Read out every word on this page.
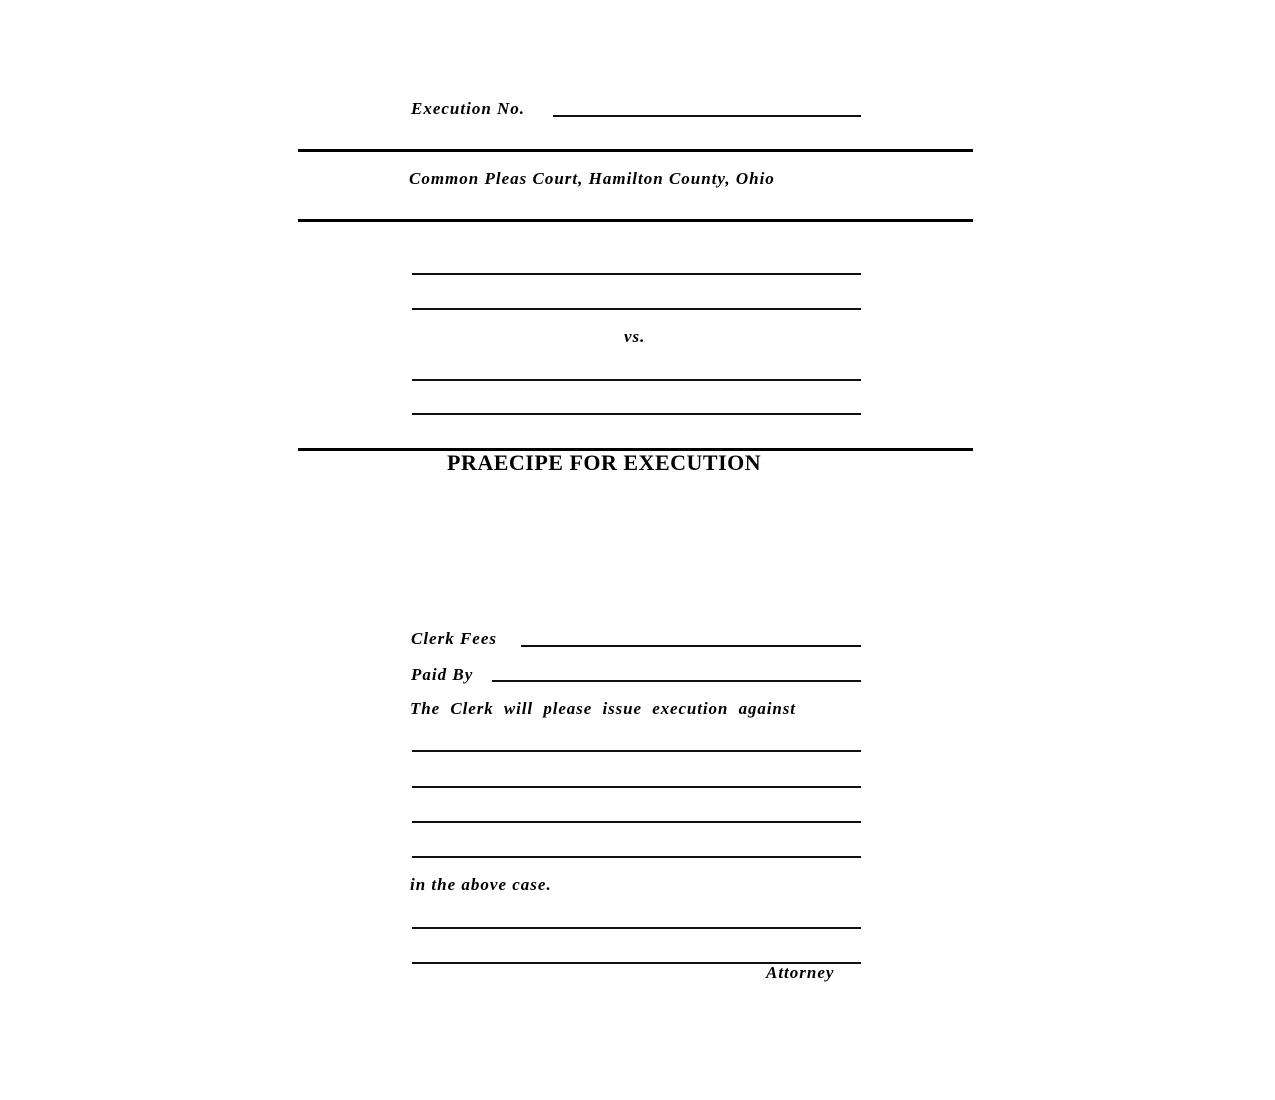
Execution No.
Common Pleas Court, Hamilton County, Ohio
vs.
PRAECIPE FOR EXECUTION
Clerk Fees
Paid By
The  Clerk  will  please  issue  execution  against
in the above case.
Attorney
